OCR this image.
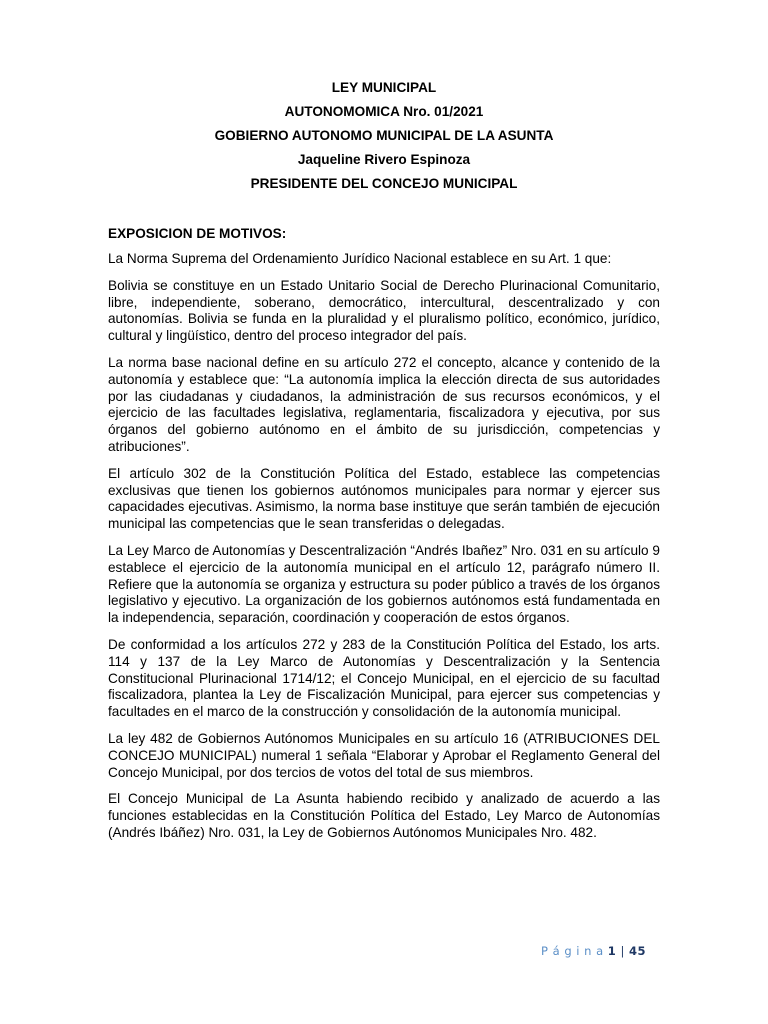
LEY MUNICIPAL
AUTONOMOMICA Nro. 01/2021
GOBIERNO AUTONOMO MUNICIPAL DE LA ASUNTA
Jaqueline Rivero Espinoza
PRESIDENTE DEL CONCEJO MUNICIPAL
EXPOSICION DE MOTIVOS:

La Norma Suprema del Ordenamiento Jurídico Nacional establece en su Art. 1 que:

Bolivia se constituye en un Estado Unitario Social de Derecho Plurinacional Comunitario, libre, independiente, soberano, democrático, intercultural, descentralizado y con autonomías. Bolivia se funda en la pluralidad y el pluralismo político, económico, jurídico, cultural y lingüístico, dentro del proceso integrador del país.

La norma base nacional define en su artículo 272 el concepto, alcance y contenido de la autonomía y establece que: “La autonomía implica la elección directa de sus autoridades por las ciudadanas y ciudadanos, la administración de sus recursos económicos, y el ejercicio de las facultades legislativa, reglamentaria, fiscalizadora y ejecutiva, por sus órganos del gobierno autónomo en el ámbito de su jurisdicción, competencias y atribuciones”.

El artículo 302 de la Constitución Política del Estado, establece las competencias exclusivas que tienen los gobiernos autónomos municipales para normar y ejercer sus capacidades ejecutivas. Asimismo, la norma base instituye que serán también de ejecución municipal las competencias que le sean transferidas o delegadas.

La Ley Marco de Autonomías y Descentralización “Andrés Ibañez” Nro. 031 en su artículo 9 establece el ejercicio de la autonomía municipal en el artículo 12, parágrafo número II. Refiere que la autonomía se organiza y estructura su poder público a través de los órganos legislativo y ejecutivo. La organización de los gobiernos autónomos está fundamentada en la independencia, separación, coordinación y cooperación de estos órganos.

De conformidad a los artículos 272 y 283 de la Constitución Política del Estado, los arts. 114 y 137 de la Ley Marco de Autonomías y Descentralización y la Sentencia Constitucional Plurinacional 1714/12; el Concejo Municipal, en el ejercicio de su facultad fiscalizadora, plantea la Ley de Fiscalización Municipal, para ejercer sus competencias y facultades en el marco de la construcción y consolidación de la autonomía municipal.

La ley 482 de Gobiernos Autónomos Municipales en su artículo 16 (ATRIBUCIONES DEL CONCEJO MUNICIPAL) numeral 1 señala “Elaborar y Aprobar el Reglamento General del Concejo Municipal, por dos tercios de votos del total de sus miembros.

El Concejo Municipal de La Asunta habiendo recibido y analizado de acuerdo a las funciones establecidas en la Constitución Política del Estado, Ley Marco de Autonomías (Andrés Ibáñez) Nro. 031, la Ley de Gobiernos Autónomos Municipales Nro. 482.

P á g i n a 1 | 45
